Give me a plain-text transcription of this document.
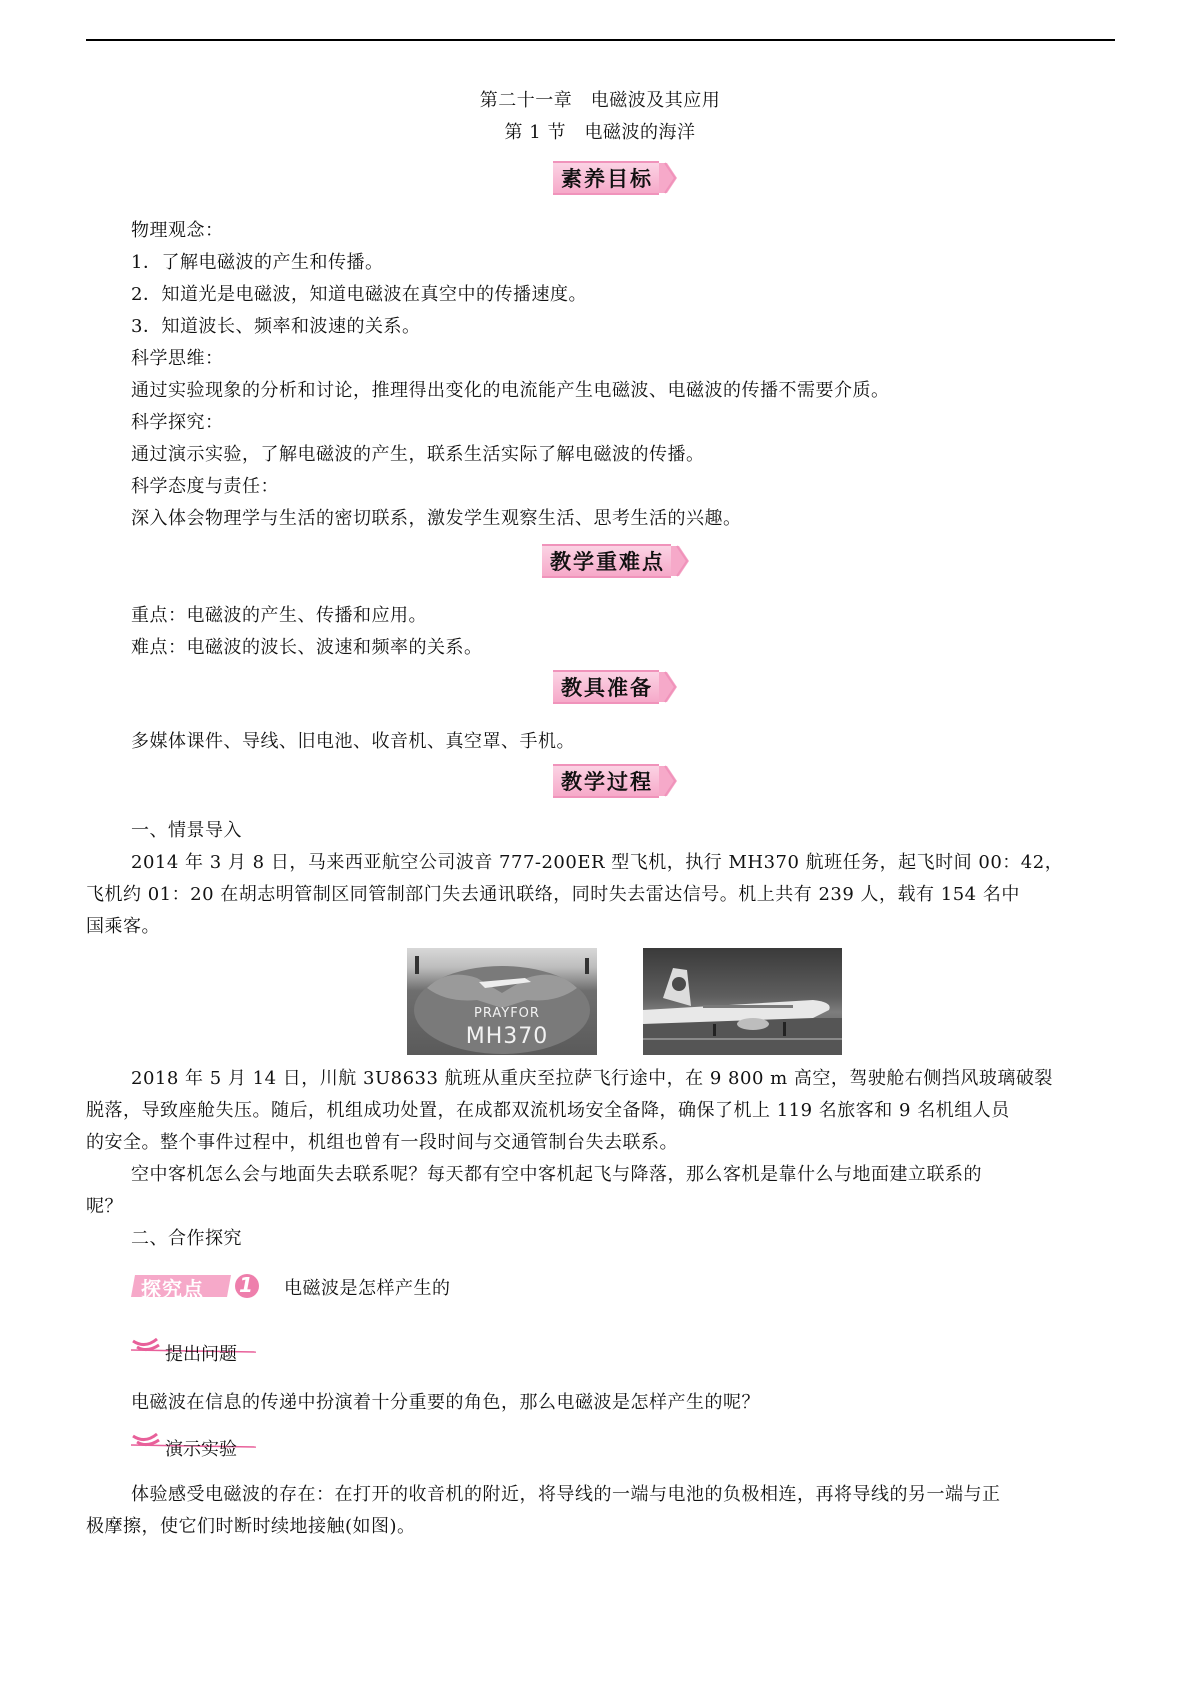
第二十一章　电磁波及其应用
第 1 节　电磁波的海洋
素养目标
物理观念：
1．了解电磁波的产生和传播。
2．知道光是电磁波，知道电磁波在真空中的传播速度。
3．知道波长、频率和波速的关系。
科学思维：
通过实验现象的分析和讨论，推理得出变化的电流能产生电磁波、电磁波的传播不需要介质。
科学探究：
通过演示实验，了解电磁波的产生，联系生活实际了解电磁波的传播。
科学态度与责任：
深入体会物理学与生活的密切联系，激发学生观察生活、思考生活的兴趣。
教学重难点
重点：电磁波的产生、传播和应用。
难点：电磁波的波长、波速和频率的关系。
教具准备
多媒体课件、导线、旧电池、收音机、真空罩、手机。
教学过程
一、情景导入
2014 年 3 月 8 日，马来西亚航空公司波音 777-200ER 型飞机，执行 MH370 航班任务，起飞时间 00：42，
飞机约 01：20 在胡志明管制区同管制部门失去通讯联络，同时失去雷达信号。机上共有 239 人，载有 154 名中
国乘客。
PRAYFOR
MH370
2018 年 5 月 14 日，川航 3U8633 航班从重庆至拉萨飞行途中，在 9 800 m 高空，驾驶舱右侧挡风玻璃破裂
脱落，导致座舱失压。随后，机组成功处置，在成都双流机场安全备降，确保了机上 119 名旅客和 9 名机组人员
的安全。整个事件过程中，机组也曾有一段时间与交通管制台失去联系。
空中客机怎么会与地面失去联系呢？每天都有空中客机起飞与降落，那么客机是靠什么与地面建立联系的
呢？
二、合作探究
探究点 1 电磁波是怎样产生的
提出问题
电磁波在信息的传递中扮演着十分重要的角色，那么电磁波是怎样产生的呢？
演示实验
体验感受电磁波的存在：在打开的收音机的附近，将导线的一端与电池的负极相连，再将导线的另一端与正
极摩擦，使它们时断时续地接触(如图)。
